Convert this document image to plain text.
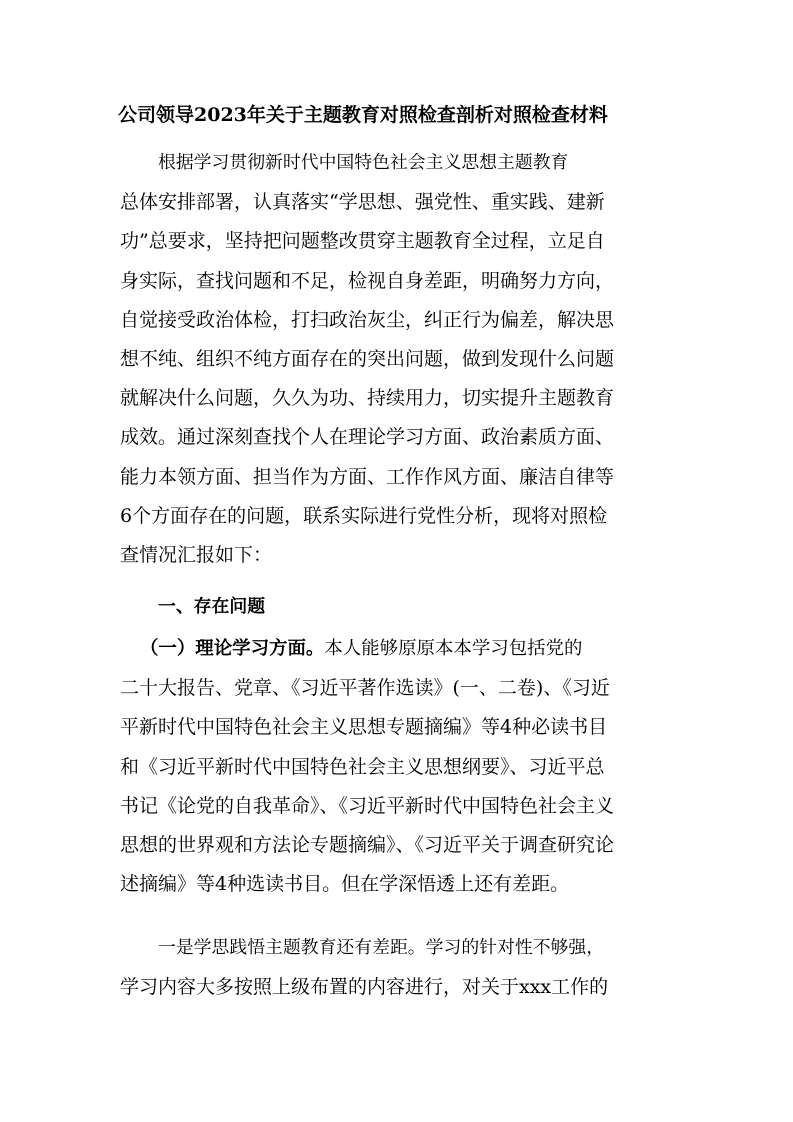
公司领导2023年关于主题教育对照检查剖析对照检查材料
根据学习贯彻新时代中国特色社会主义思想主题教育
总体安排部署，认真落实“学思想、强党性、重实践、建新
功”总要求，坚持把问题整改贯穿主题教育全过程，立足自
身实际，查找问题和不足，检视自身差距，明确努力方向，
自觉接受政治体检，打扫政治灰尘，纠正行为偏差，解决思
想不纯、组织不纯方面存在的突出问题，做到发现什么问题
就解决什么问题，久久为功、持续用力，切实提升主题教育
成效。通过深刻查找个人在理论学习方面、政治素质方面、
能力本领方面、担当作为方面、工作作风方面、廉洁自律等
6个方面存在的问题，联系实际进行党性分析，现将对照检
查情况汇报如下：
一、存在问题
（一）理论学习方面。本人能够原原本本学习包括党的
二十大报告、党章、《习近平著作选读》(一、二卷)、《习近
平新时代中国特色社会主义思想专题摘编》等4种必读书目
和《习近平新时代中国特色社会主义思想纲要》、习近平总
书记《论党的自我革命》、《习近平新时代中国特色社会主义
思想的世界观和方法论专题摘编》、《习近平关于调查研究论
述摘编》等4种选读书目。但在学深悟透上还有差距。
一是学思践悟主题教育还有差距。学习的针对性不够强，
学习内容大多按照上级布置的内容进行，对关于xxx工作的
